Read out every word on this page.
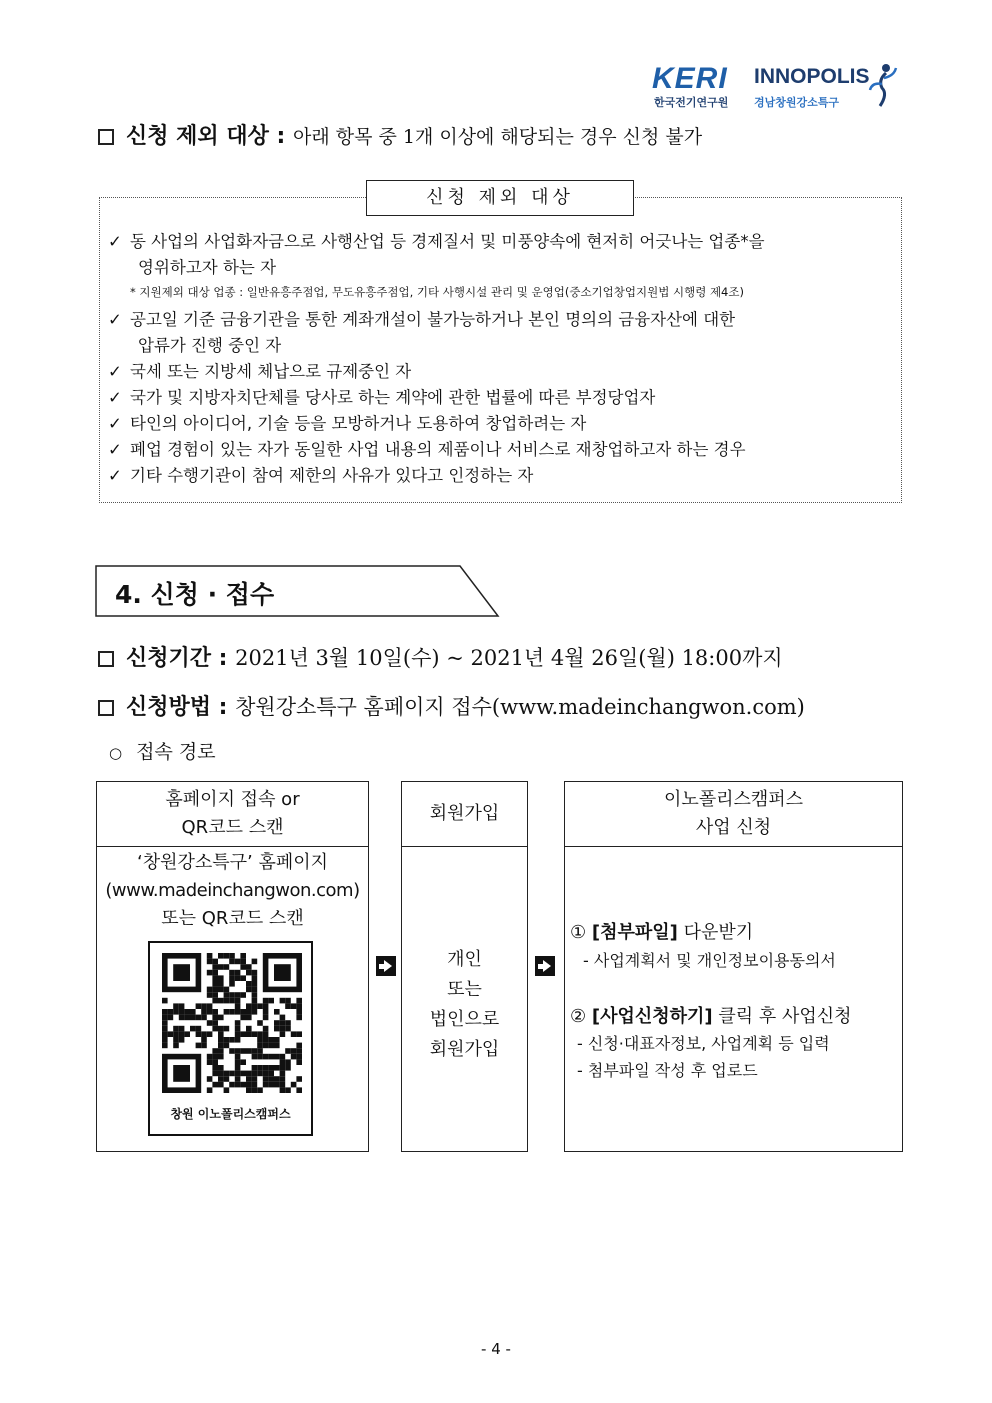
KERI
한국전기연구원
INNOPOLIS
경남창원강소특구
신청 제외 대상 : 아래 항목 중 1개 이상에 해당되는 경우 신청 불가
신청 제외 대상
✓ 동 사업의 사업화자금으로 사행산업 등 경제질서 및 미풍양속에 현저히 어긋나는 업종*을
영위하고자 하는 자
* 지원제외 대상 업종 : 일반유흥주점업, 무도유흥주점업, 기타 사행시설 관리 및 운영업(중소기업창업지원법 시행령 제4조)
✓ 공고일 기준 금융기관을 통한 계좌개설이 불가능하거나 본인 명의의 금융자산에 대한
압류가 진행 중인 자
✓ 국세 또는 지방세 체납으로 규제중인 자
✓ 국가 및 지방자치단체를 당사로 하는 계약에 관한 법률에 따른 부정당업자
✓ 타인의 아이디어, 기술 등을 모방하거나 도용하여 창업하려는 자
✓ 폐업 경험이 있는 자가 동일한 사업 내용의 제품이나 서비스로 재창업하고자 하는 경우
✓ 기타 수행기관이 참여 제한의 사유가 있다고 인정하는 자
4. 신청 · 접수
신청기간 : 2021년 3월 10일(수) ~ 2021년 4월 26일(월) 18:00까지
신청방법 : 창원강소특구 홈페이지 접수(www.madeinchangwon.com)
○ 접속 경로
홈페이지 접속 or
QR코드 스캔
‘창원강소특구’ 홈페이지
(www.madeinchangwon.com)
또는 QR코드 스캔
창원 이노폴리스캠퍼스
회원가입
개인
또는
법인으로
회원가입
이노폴리스캠퍼스
사업 신청
① [첨부파일] 다운받기
- 사업계획서 및 개인정보이용동의서
② [사업신청하기] 클릭 후 사업신청
- 신청·대표자정보, 사업계획 등 입력
- 첨부파일 작성 후 업로드
- 4 -
